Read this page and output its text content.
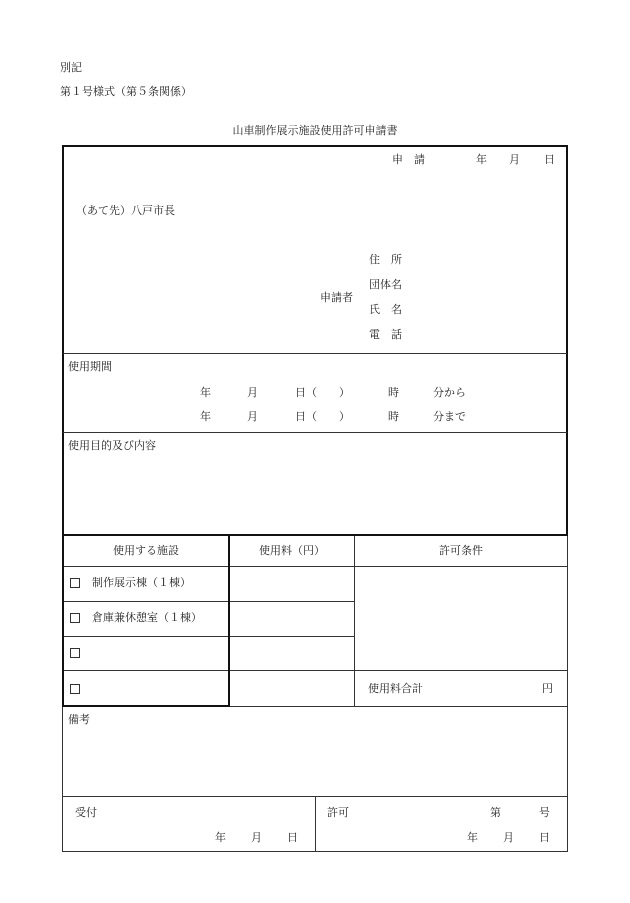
別記
第１号様式（第５条関係）
山車制作展示施設使用許可申請書
申　請	年 月 日
（あて先）八戸市長
申請者
住　所
団体名
氏　名
電　話
使用期間
年	月	日（　　）	時	分から
年	月	日（　　）	時	分まで
使用目的及び内容
使用する施設	使用料（円）	許可条件
制作展示棟（１棟）
倉庫兼休憩室（１棟）
使用料合計	円
備考
受付
年 月 日
許可	第	号
年 月 日
